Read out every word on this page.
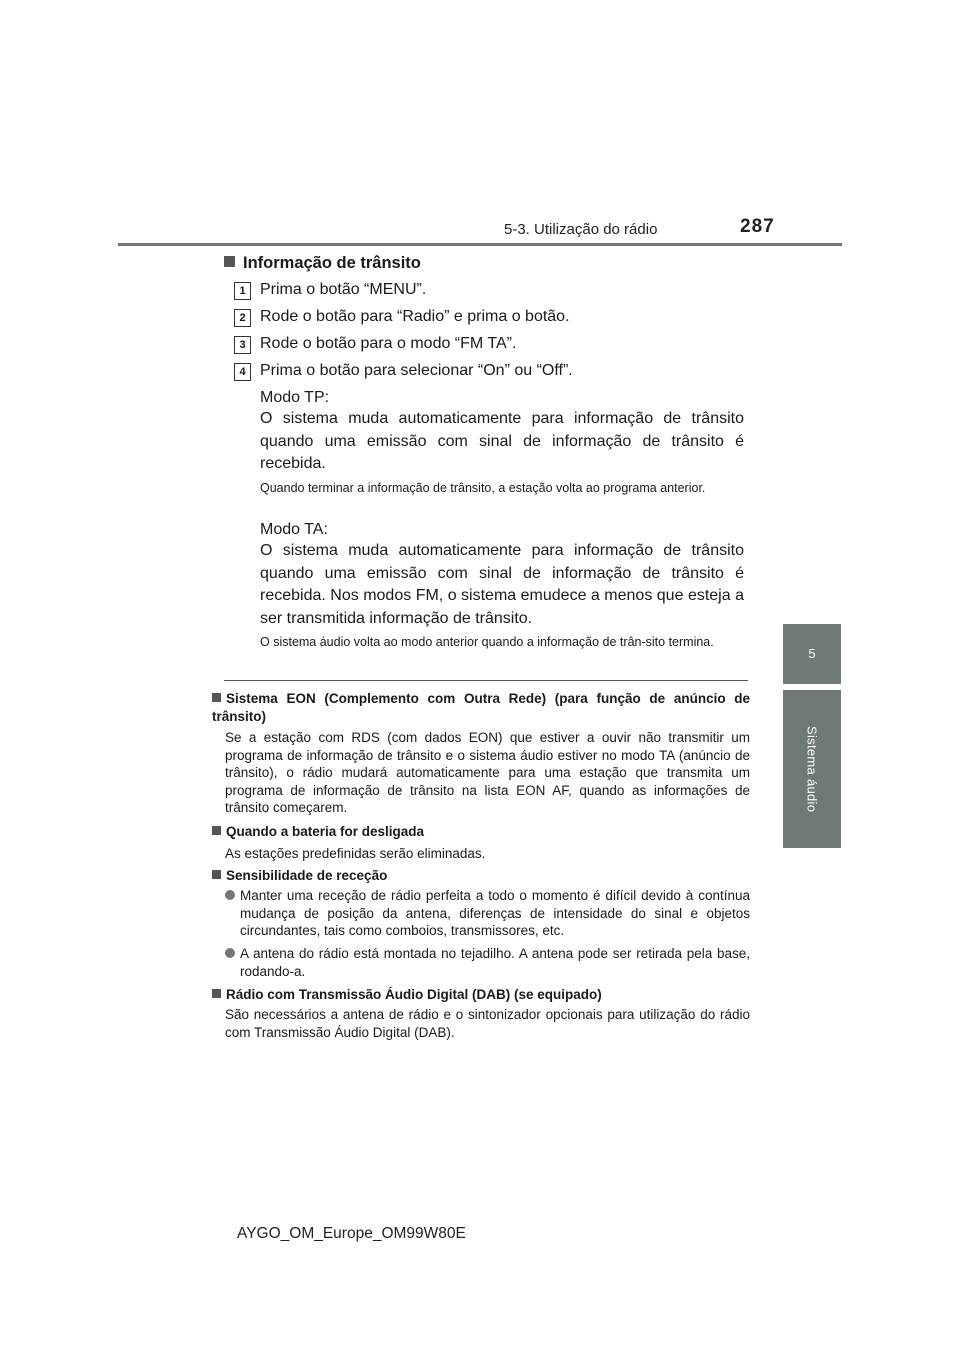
5-3. Utilização do rádio	287
5
Sistema áudio
Informação de trânsito
1 Prima o botão “MENU”.
2 Rode o botão para “Radio” e prima o botão.
3 Rode o botão para o modo “FM TA”.
4 Prima o botão para selecionar “On” ou “Off”.
Modo TP:
O sistema muda automaticamente para informação de trânsito quando uma emissão com sinal de informação de trânsito é recebida.
Quando terminar a informação de trânsito, a estação volta ao programa anterior.
Modo TA:
O sistema muda automaticamente para informação de trânsito quando uma emissão com sinal de informação de trânsito é recebida. Nos modos FM, o sistema emudece a menos que esteja a ser transmitida informação de trânsito.
O sistema áudio volta ao modo anterior quando a informação de trân-sito termina.
Sistema EON (Complemento com Outra Rede) (para função de anúncio de trânsito)
Se a estação com RDS (com dados EON) que estiver a ouvir não transmitir um programa de informação de trânsito e o sistema áudio estiver no modo TA (anúncio de trânsito), o rádio mudará automaticamente para uma estação que transmita um programa de informação de trânsito na lista EON AF, quando as informações de trânsito começarem.
Quando a bateria for desligada
As estações predefinidas serão eliminadas.
Sensibilidade de receção
Manter uma receção de rádio perfeita a todo o momento é difícil devido à contínua mudança de posição da antena, diferenças de intensidade do sinal e objetos circundantes, tais como comboios, transmissores, etc.
A antena do rádio está montada no tejadilho. A antena pode ser retirada pela base, rodando-a.
Rádio com Transmissão Áudio Digital (DAB) (se equipado)
São necessários a antena de rádio e o sintonizador opcionais para utilização do rádio com Transmissão Áudio Digital (DAB).
AYGO_OM_Europe_OM99W80E
